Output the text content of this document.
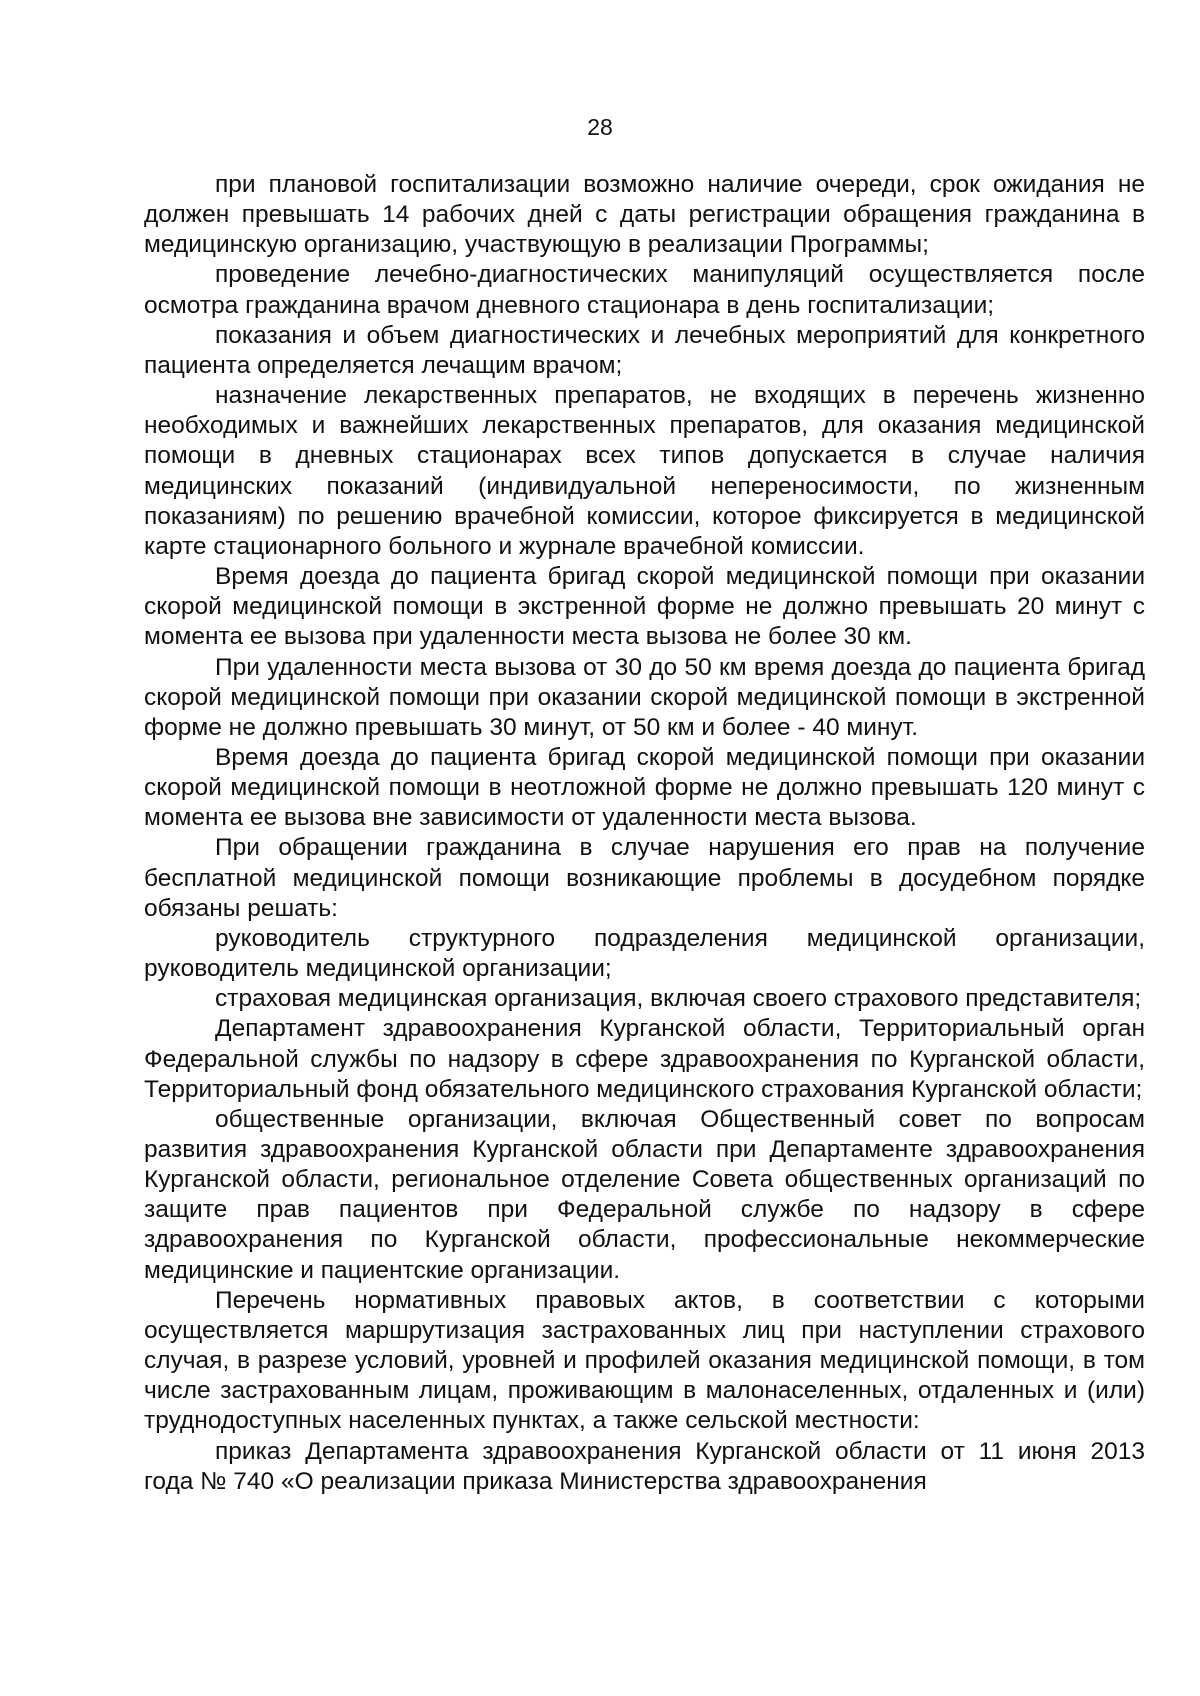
28

при плановой госпитализации возможно наличие очереди, срок ожидания не должен превышать 14 рабочих дней с даты регистрации обращения гражданина в медицинскую организацию, участвующую в реализации Программы;

проведение лечебно-диагностических манипуляций осуществляется после осмотра гражданина врачом дневного стационара в день госпитализации;

показания и объем диагностических и лечебных мероприятий для конкретного пациента определяется лечащим врачом;

назначение лекарственных препаратов, не входящих в перечень жизненно необходимых и важнейших лекарственных препаратов, для оказания медицинской помощи в дневных стационарах всех типов допускается в случае наличия медицинских показаний (индивидуальной непереносимости, по жизненным показаниям) по решению врачебной комиссии, которое фиксируется в медицинской карте стационарного больного и журнале врачебной комиссии.

Время доезда до пациента бригад скорой медицинской помощи при оказании скорой медицинской помощи в экстренной форме не должно превышать 20 минут с момента ее вызова при удаленности места вызова не более 30 км.

При удаленности места вызова от 30 до 50 км время доезда до пациента бригад скорой медицинской помощи при оказании скорой медицинской помощи в экстренной форме не должно превышать 30 минут, от 50 км и более - 40 минут.

Время доезда до пациента бригад скорой медицинской помощи при оказании скорой медицинской помощи в неотложной форме не должно превышать 120 минут с момента ее вызова вне зависимости от удаленности места вызова.

При обращении гражданина в случае нарушения его прав на получение бесплатной медицинской помощи возникающие проблемы в досудебном порядке обязаны решать:

руководитель структурного подразделения медицинской организации, руководитель медицинской организации;

страховая медицинская организация, включая своего страхового представителя;

Департамент здравоохранения Курганской области, Территориальный орган Федеральной службы по надзору в сфере здравоохранения по Курганской области, Территориальный фонд обязательного медицинского страхования Курганской области;

общественные организации, включая Общественный совет по вопросам развития здравоохранения Курганской области при Департаменте здравоохранения Курганской области, региональное отделение Совета общественных организаций по защите прав пациентов при Федеральной службе по надзору в сфере здравоохранения по Курганской области, профессиональные некоммерческие медицинские и пациентские организации.

Перечень нормативных правовых актов, в соответствии с которыми осуществляется маршрутизация застрахованных лиц при наступлении страхового случая, в разрезе условий, уровней и профилей оказания медицинской помощи, в том числе застрахованным лицам, проживающим в малонаселенных, отдаленных и (или) труднодоступных населенных пунктах, а также сельской местности:

приказ Департамента здравоохранения Курганской области от 11 июня 2013 года № 740 «О реализации приказа Министерства здравоохранения
